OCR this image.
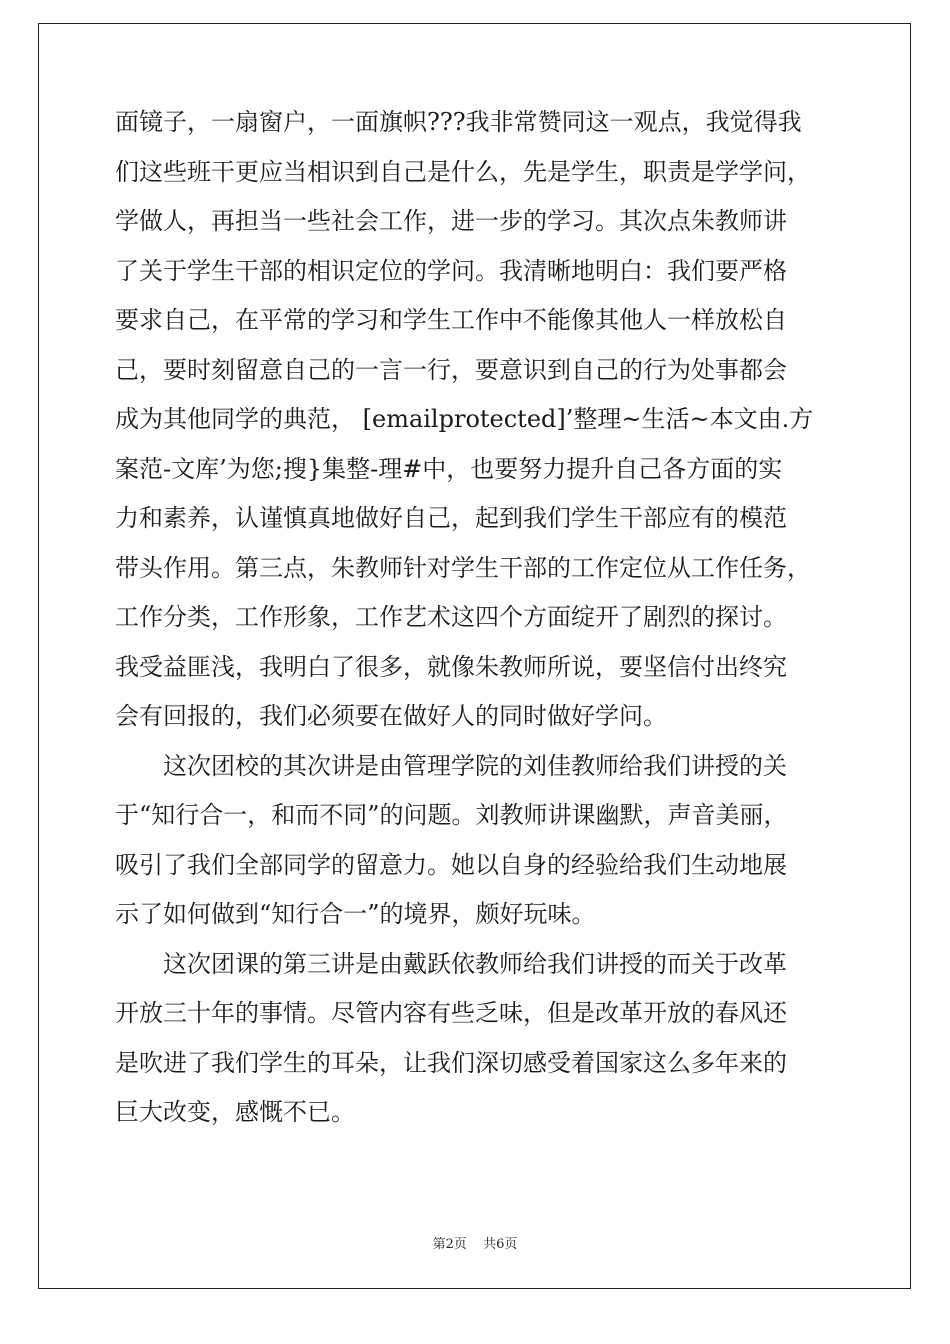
面镜子，一扇窗户，一面旗帜???我非常赞同这一观点，我觉得我
们这些班干更应当相识到自己是什么，先是学生，职责是学学问，
学做人，再担当一些社会工作，进一步的学习。其次点朱教师讲
了关于学生干部的相识定位的学问。我清晰地明白：我们要严格
要求自己，在平常的学习和学生工作中不能像其他人一样放松自
己，要时刻留意自己的一言一行，要意识到自己的行为处事都会
成为其他同学的典范， [emailprotected]’整理~生活~本文由.方
案范-文库’为您;搜}集整-理#中，也要努力提升自己各方面的实
力和素养，认谨慎真地做好自己，起到我们学生干部应有的模范
带头作用。第三点，朱教师针对学生干部的工作定位从工作任务，
工作分类，工作形象，工作艺术这四个方面绽开了剧烈的探讨。
我受益匪浅，我明白了很多，就像朱教师所说，要坚信付出终究
会有回报的，我们必须要在做好人的同时做好学问。
这次团校的其次讲是由管理学院的刘佳教师给我们讲授的关
于“知行合一，和而不同”的问题。刘教师讲课幽默，声音美丽，
吸引了我们全部同学的留意力。她以自身的经验给我们生动地展
示了如何做到“知行合一”的境界，颇好玩味。
这次团课的第三讲是由戴跃依教师给我们讲授的而关于改革
开放三十年的事情。尽管内容有些乏味，但是改革开放的春风还
是吹进了我们学生的耳朵，让我们深切感受着国家这么多年来的
巨大改变，感慨不已。
第2页 共6页
